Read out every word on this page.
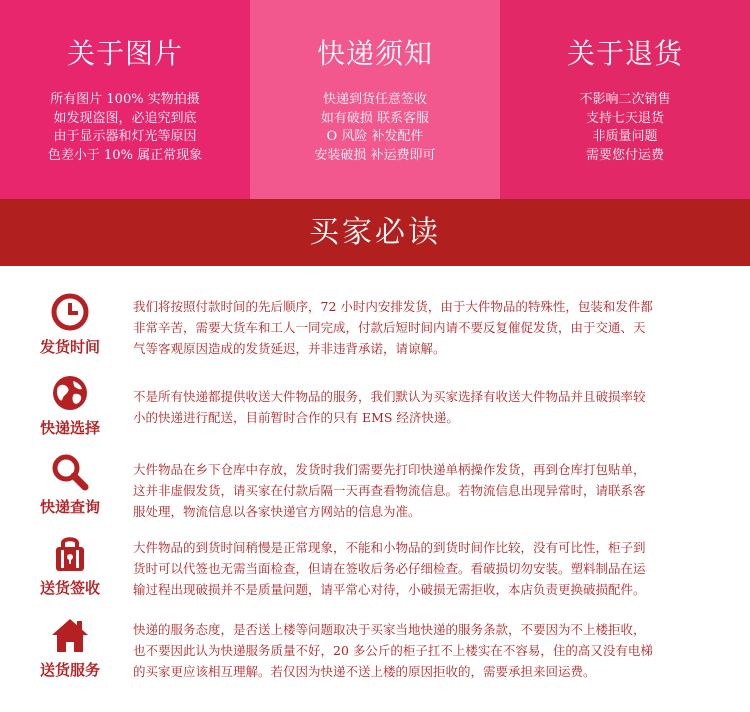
关于图片
所有图片 100% 实物拍摄
如发现盗图，必追究到底
由于显示器和灯光等原因
色差小于 10% 属正常现象
快递须知
快递到货任意签收
如有破损 联系客服
O 风险 补发配件
安装破损 补运费即可
关于退货
不影响二次销售
支持七天退货
非质量问题
需要您付运费
买家必读
发货时间
我们将按照付款时间的先后顺序，72 小时内安排发货，由于大件物品的特殊性，包装和发件都
非常辛苦，需要大货车和工人一同完成，付款后短时间内请不要反复催促发货，由于交通、天
气等客观原因造成的发货延迟，并非违背承诺，请谅解。
快递选择
不是所有快递都提供收送大件物品的服务，我们默认为买家选择有收送大件物品并且破损率较
小的快递进行配送，目前暂时合作的只有 EMS 经济快递。
快递查询
大件物品在乡下仓库中存放，发货时我们需要先打印快递单柄操作发货，再到仓库打包贴单，
这并非虚假发货，请买家在付款后隔一天再查看物流信息。若物流信息出现异常时，请联系客
服处理，物流信息以各家快递官方网站的信息为准。
送货签收
大件物品的到货时间稍慢是正常现象，不能和小物品的到货时间作比较，没有可比性，柜子到
货时可以代签也无需当面检查，但请在签收后务必仔细检查。看破损切勿安装。塑料制品在运
输过程出现破损并不是质量问题，请平常心对待，小破损无需拒收，本店负责更换破损配件。
送货服务
快递的服务态度，是否送上楼等问题取决于买家当地快递的服务条款，不要因为不上楼拒收，
也不要因此认为快递服务质量不好，20 多公斤的柜子扛不上楼实在不容易，住的高又没有电梯
的买家更应该相互理解。若仅因为快递不送上楼的原因拒收的，需要承担来回运费。
